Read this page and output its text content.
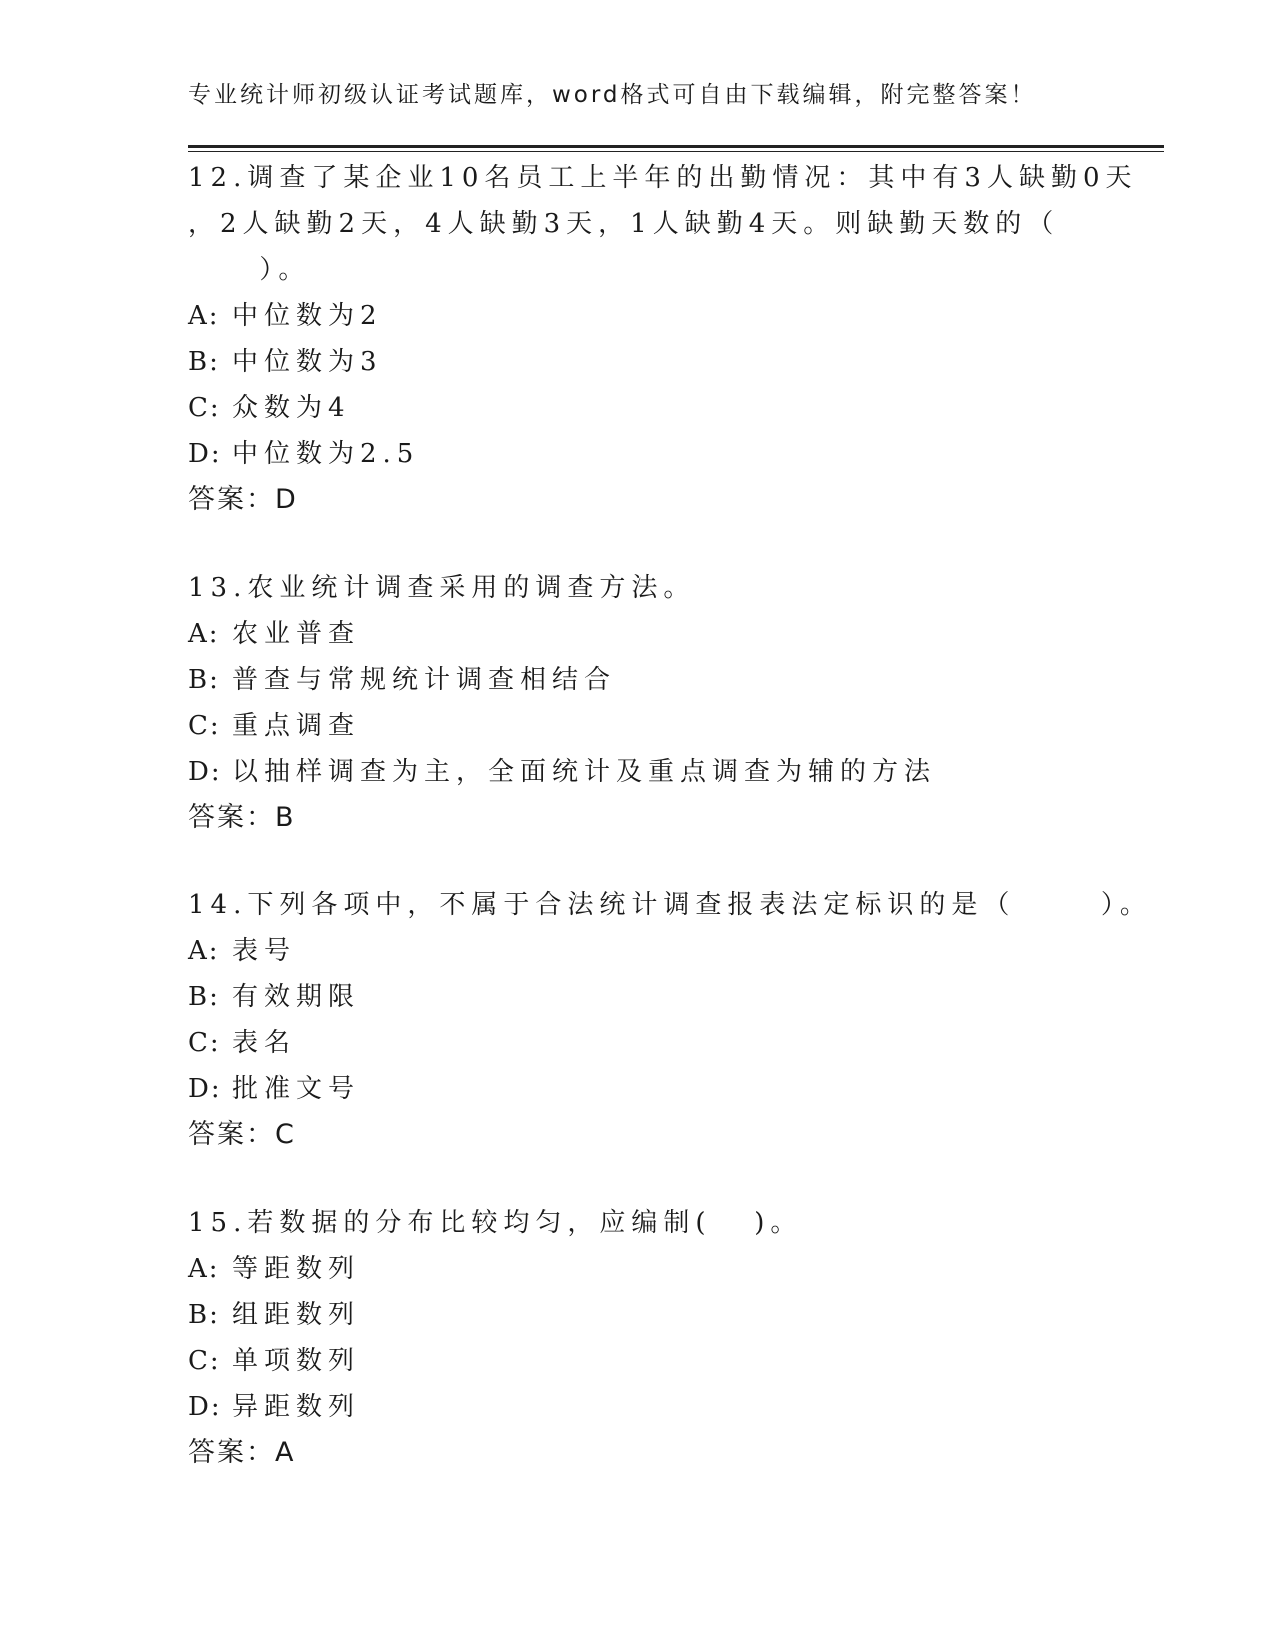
专业统计师初级认证考试题库，word格式可自由下载编辑，附完整答案！
12.调查了某企业10名员工上半年的出勤情况：其中有3人缺勤0天
，2人缺勤2天，4人缺勤3天，1人缺勤4天。则缺勤天数的（
）。
A: 中位数为2
B: 中位数为3
C: 众数为4
D: 中位数为2.5
答案：D
13.农业统计调查采用的调查方法。
A: 农业普查
B: 普查与常规统计调查相结合
C: 重点调查
D: 以抽样调查为主，全面统计及重点调查为辅的方法
答案：B
14.下列各项中，不属于合法统计调查报表法定标识的是（      ）。
A: 表号
B: 有效期限
C: 表名
D: 批准文号
答案：C
15.若数据的分布比较均匀，应编制(   )。
A: 等距数列
B: 组距数列
C: 单项数列
D: 异距数列
答案：A
